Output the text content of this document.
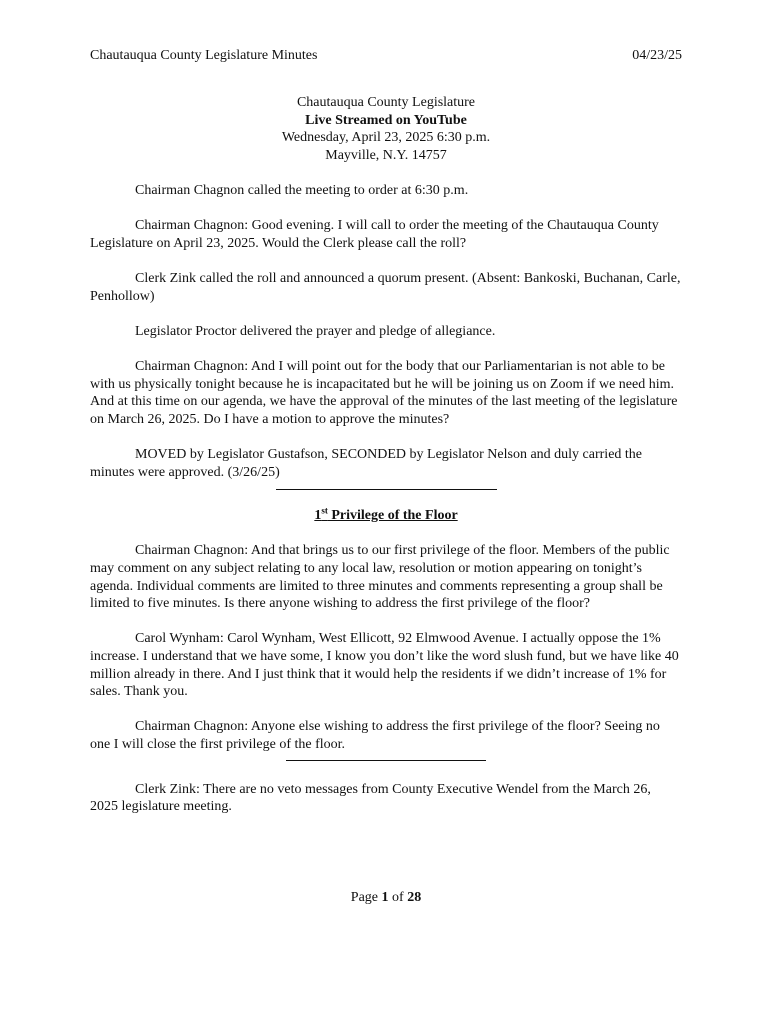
Chautauqua County Legislature Minutes	04/23/25
Chautauqua County Legislature
Live Streamed on YouTube
Wednesday, April 23, 2025 6:30 p.m.
Mayville, N.Y. 14757

Chairman Chagnon called the meeting to order at 6:30 p.m.

Chairman Chagnon: Good evening. I will call to order the meeting of the Chautauqua County Legislature on April 23, 2025. Would the Clerk please call the roll?

Clerk Zink called the roll and announced a quorum present. (Absent: Bankoski, Buchanan, Carle, Penhollow)

Legislator Proctor delivered the prayer and pledge of allegiance.

Chairman Chagnon: And I will point out for the body that our Parliamentarian is not able to be with us physically tonight because he is incapacitated but he will be joining us on Zoom if we need him. And at this time on our agenda, we have the approval of the minutes of the last meeting of the legislature on March 26, 2025. Do I have a motion to approve the minutes?

MOVED by Legislator Gustafson, SECONDED by Legislator Nelson and duly carried the minutes were approved. (3/26/25)

1st Privilege of the Floor

Chairman Chagnon: And that brings us to our first privilege of the floor. Members of the public may comment on any subject relating to any local law, resolution or motion appearing on tonight’s agenda. Individual comments are limited to three minutes and comments representing a group shall be limited to five minutes. Is there anyone wishing to address the first privilege of the floor?

Carol Wynham: Carol Wynham, West Ellicott, 92 Elmwood Avenue. I actually oppose the 1% increase. I understand that we have some, I know you don’t like the word slush fund, but we have like 40 million already in there. And I just think that it would help the residents if we didn’t increase of 1% for sales. Thank you.

Chairman Chagnon: Anyone else wishing to address the first privilege of the floor? Seeing no one I will close the first privilege of the floor.

Clerk Zink: There are no veto messages from County Executive Wendel from the March 26, 2025 legislature meeting.

Page 1 of 28
